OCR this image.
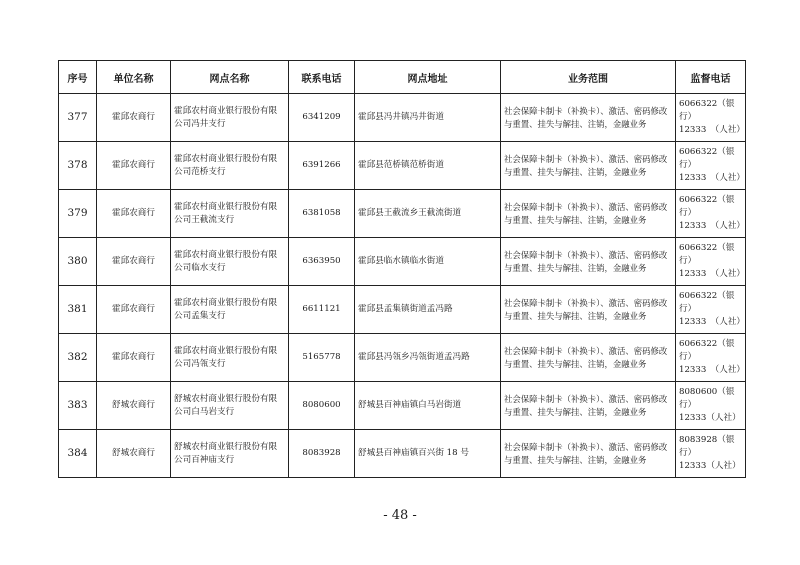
序号	单位名称	网点名称	联系电话	网点地址	业务范围	监督电话
377	霍邱农商行	霍邱农村商业银行股份有限公司冯井支行	6341209	霍邱县冯井镇冯井街道	社会保障卡制卡（补换卡）、激活、密码修改与重置、挂失与解挂、注销，金融业务	6066322（银行）
12333　（人社）

378	霍邱农商行	霍邱农村商业银行股份有限公司范桥支行	6391266	霍邱县范桥镇范桥街道	社会保障卡制卡（补换卡）、激活、密码修改与重置、挂失与解挂、注销，金融业务	6066322（银行）
12333　（人社）

379	霍邱农商行	霍邱农村商业银行股份有限公司王截流支行	6381058	霍邱县王截流乡王截流街道	社会保障卡制卡（补换卡）、激活、密码修改与重置、挂失与解挂、注销，金融业务	6066322（银行）
12333　（人社）

380	霍邱农商行	霍邱农村商业银行股份有限公司临水支行	6363950	霍邱县临水镇临水街道	社会保障卡制卡（补换卡）、激活、密码修改与重置、挂失与解挂、注销，金融业务	6066322（银行）
12333　（人社）

381	霍邱农商行	霍邱农村商业银行股份有限公司孟集支行	6611121	霍邱县孟集镇街道孟冯路	社会保障卡制卡（补换卡）、激活、密码修改与重置、挂失与解挂、注销，金融业务	6066322（银行）
12333　（人社）

382	霍邱农商行	霍邱农村商业银行股份有限公司冯瓴支行	5165778	霍邱县冯瓴乡冯瓴街道孟冯路	社会保障卡制卡（补换卡）、激活、密码修改与重置、挂失与解挂、注销，金融业务	6066322（银行）
12333　（人社）

383	舒城农商行	舒城农村商业银行股份有限公司白马岩支行	8080600	舒城县百神庙镇白马岩街道	社会保障卡制卡（补换卡）、激活、密码修改与重置、挂失与解挂、注销，金融业务	8080600（银行）
12333（人社）

384	舒城农商行	舒城农村商业银行股份有限公司百神庙支行	8083928	舒城县百神庙镇百兴街 18 号	社会保障卡制卡（补换卡）、激活、密码修改与重置、挂失与解挂、注销，金融业务	8083928（银行）
12333（人社）
- 48 -
